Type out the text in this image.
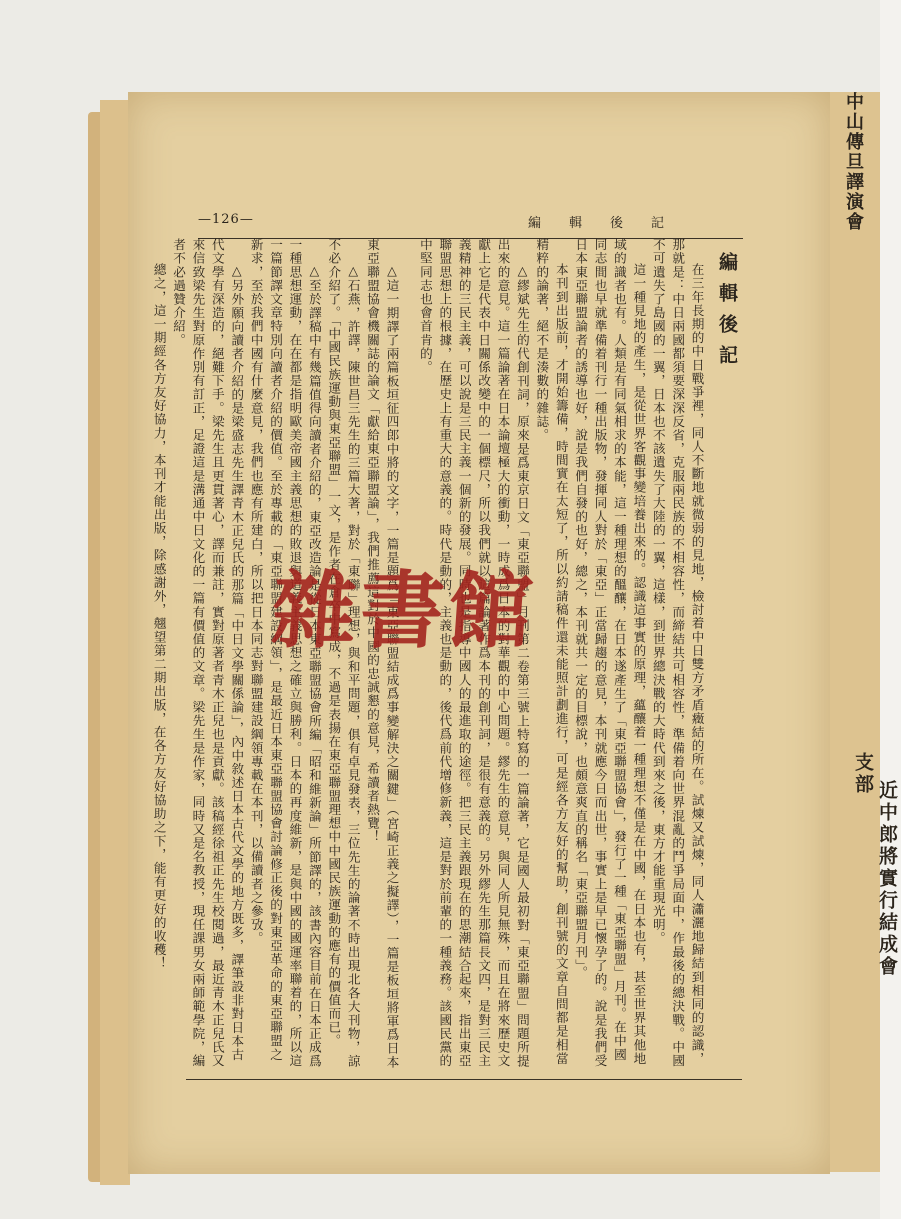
中山傳旦譯演會
支部
近中郎將實行結成會
—126—	編輯後記
編輯後記

在三年長期的中日戰爭裡，同人不斷地就微弱的見地，檢討着中日雙方矛盾癥結的所在。試煉又試煉，同人瀟灑地歸結到相同的認識，那就是：中日兩國都須要深深反省，克服兩民族的不相容性，而締結共可相容性，準備着向世界混亂的鬥爭局面中，作最後的總決戰。中國不可遺失了島國的一翼，日本也不該遺失了大陸的一翼，這樣，到世界總決戰的大時代到來之後，東方才能重現光明。

這一種見地的產生，是從世界客觀事變培養出來的。認識這事實的原理，蘊釀着一種理想不僅是在中國，在日本也有，甚至世界其他地域的識者也有。人類是有同氣相求的本能，這一種理想的醞釀，在日本遂產生了「東亞聯盟協會」，發行了一種「東亞聯盟」月刊。在中國同志間也早就準備着刊行一種出版物，發揮同人對於「東亞」正當歸趨的意見，本刊就應今日而出世，事實上是早已懷孕了的。說是我們受日本東亞聯盟論者的誘導也好，說是我們自發的也好，總之，本刊就共一定的目標說，也頗意爽直的稱名「東亞聯盟月刊」。

本刊到出版前，才開始籌備，時間實在太短了，所以約請稿件還未能照計劃進行，可是經各方友好的幫助，創刊號的文章自問都是相當精粹的論著，絕不是湊數的雜誌。

△繆斌先生的代創刊詞，原來是爲東京日文「東亞聯盟」月刊第二卷第三號上特寫的一篇論著，它是國人最初對「東亞聯盟」問題所提出來的意見。這一篇論著在日本論壇極大的衝動，一時成爲日本的對華觀的中心問題。繆先生的意見，與同人所見無殊，而且在將來歷史文獻上它是代表中日關係改變中的一個標尺，所以我們就以這篇論著作爲本刊的創刊詞，是很有意義的。另外繆先生那篇長文四，是對三民主義精神的三民主義，可以說是三民主義一個新的發展。同時也是指導中國人的最進取的途徑。把三民主義跟現在的思潮結合起來，指出東亞聯盟思想上的根據，在歷史上有重大的意義的。時代是動的，主義也是動的，後代爲前代增修新義，這是對於前輩的一種義務。該國民黨的中堅同志也會首肯的。

△這一期譯了兩篇板垣征四郎中將的文字，一篇是題爲「東亞聯盟結成爲事變解決之關鍵」（宮崎正義之擬譯），一篇是板垣將軍爲日本東亞聯盟協會機關誌的論文「獻給東亞聯盟論」，我們推薦這對於中國的忠誠懇的意見，希讀者熱覽！

△石燕，許譯，陳世昌三先生的三篇大著，對於「東聯」理想，與和平問題，俱有卓見發表，三位先生的論著不時出現北各大刊物，諒不必介紹了。「中國民族運動與東亞聯盟」一文，是作者在倉卒中寫成，不過是表揚在東亞聯盟理想中中國民族運動的應有的價值而已。

△至於譯稿中有幾篇值得向讀者介紹的，東亞改造論是從日本東亞聯盟協會所編「昭和維新論」所節譯的，該書內容目前在日本正成爲一種思想運動，在在都是指明歐美帝國主義思想的敗退與道義主義思想之確立與勝利。日本的再度維新，是與中國的國運率聯着的，所以這一篇節譯文章特別向讀者介紹的價值。至於專載的「東亞聯盟建設綱領」，是最近日本東亞聯盟協會討論修正後的對東亞革命的東亞聯盟之新求，至於我們中國有什麼意見，我們也應有所建白，所以把日本同志對聯盟建設綱領專載在本刊，以備讀者之參攷。

△另外願向讀者介紹的是梁盛志先生譯青木正兒氏的那篇「中日文學關係論」，內中敘述日本古代文學的地方既多，譯筆設非對日本古代文學有深造的，絕難下手。梁先生且更貫著心，譯而兼註，實對原著者青木正兒也是貢獻。該稿經徐祖正先生校閱過，最近青木正兒氏又來信致梁先生對原作別有訂正，足證這是溝通中日文化的一篇有價值的文章。梁先生是作家，同時又是名教授，現任課男女兩師範學院，編者不必過贊介紹。

總之，這一期經各方友好協力，本刊才能出版，除感謝外，翹望第二期出版，在各方友好協助之下，能有更好的收穫！ 雜書館
